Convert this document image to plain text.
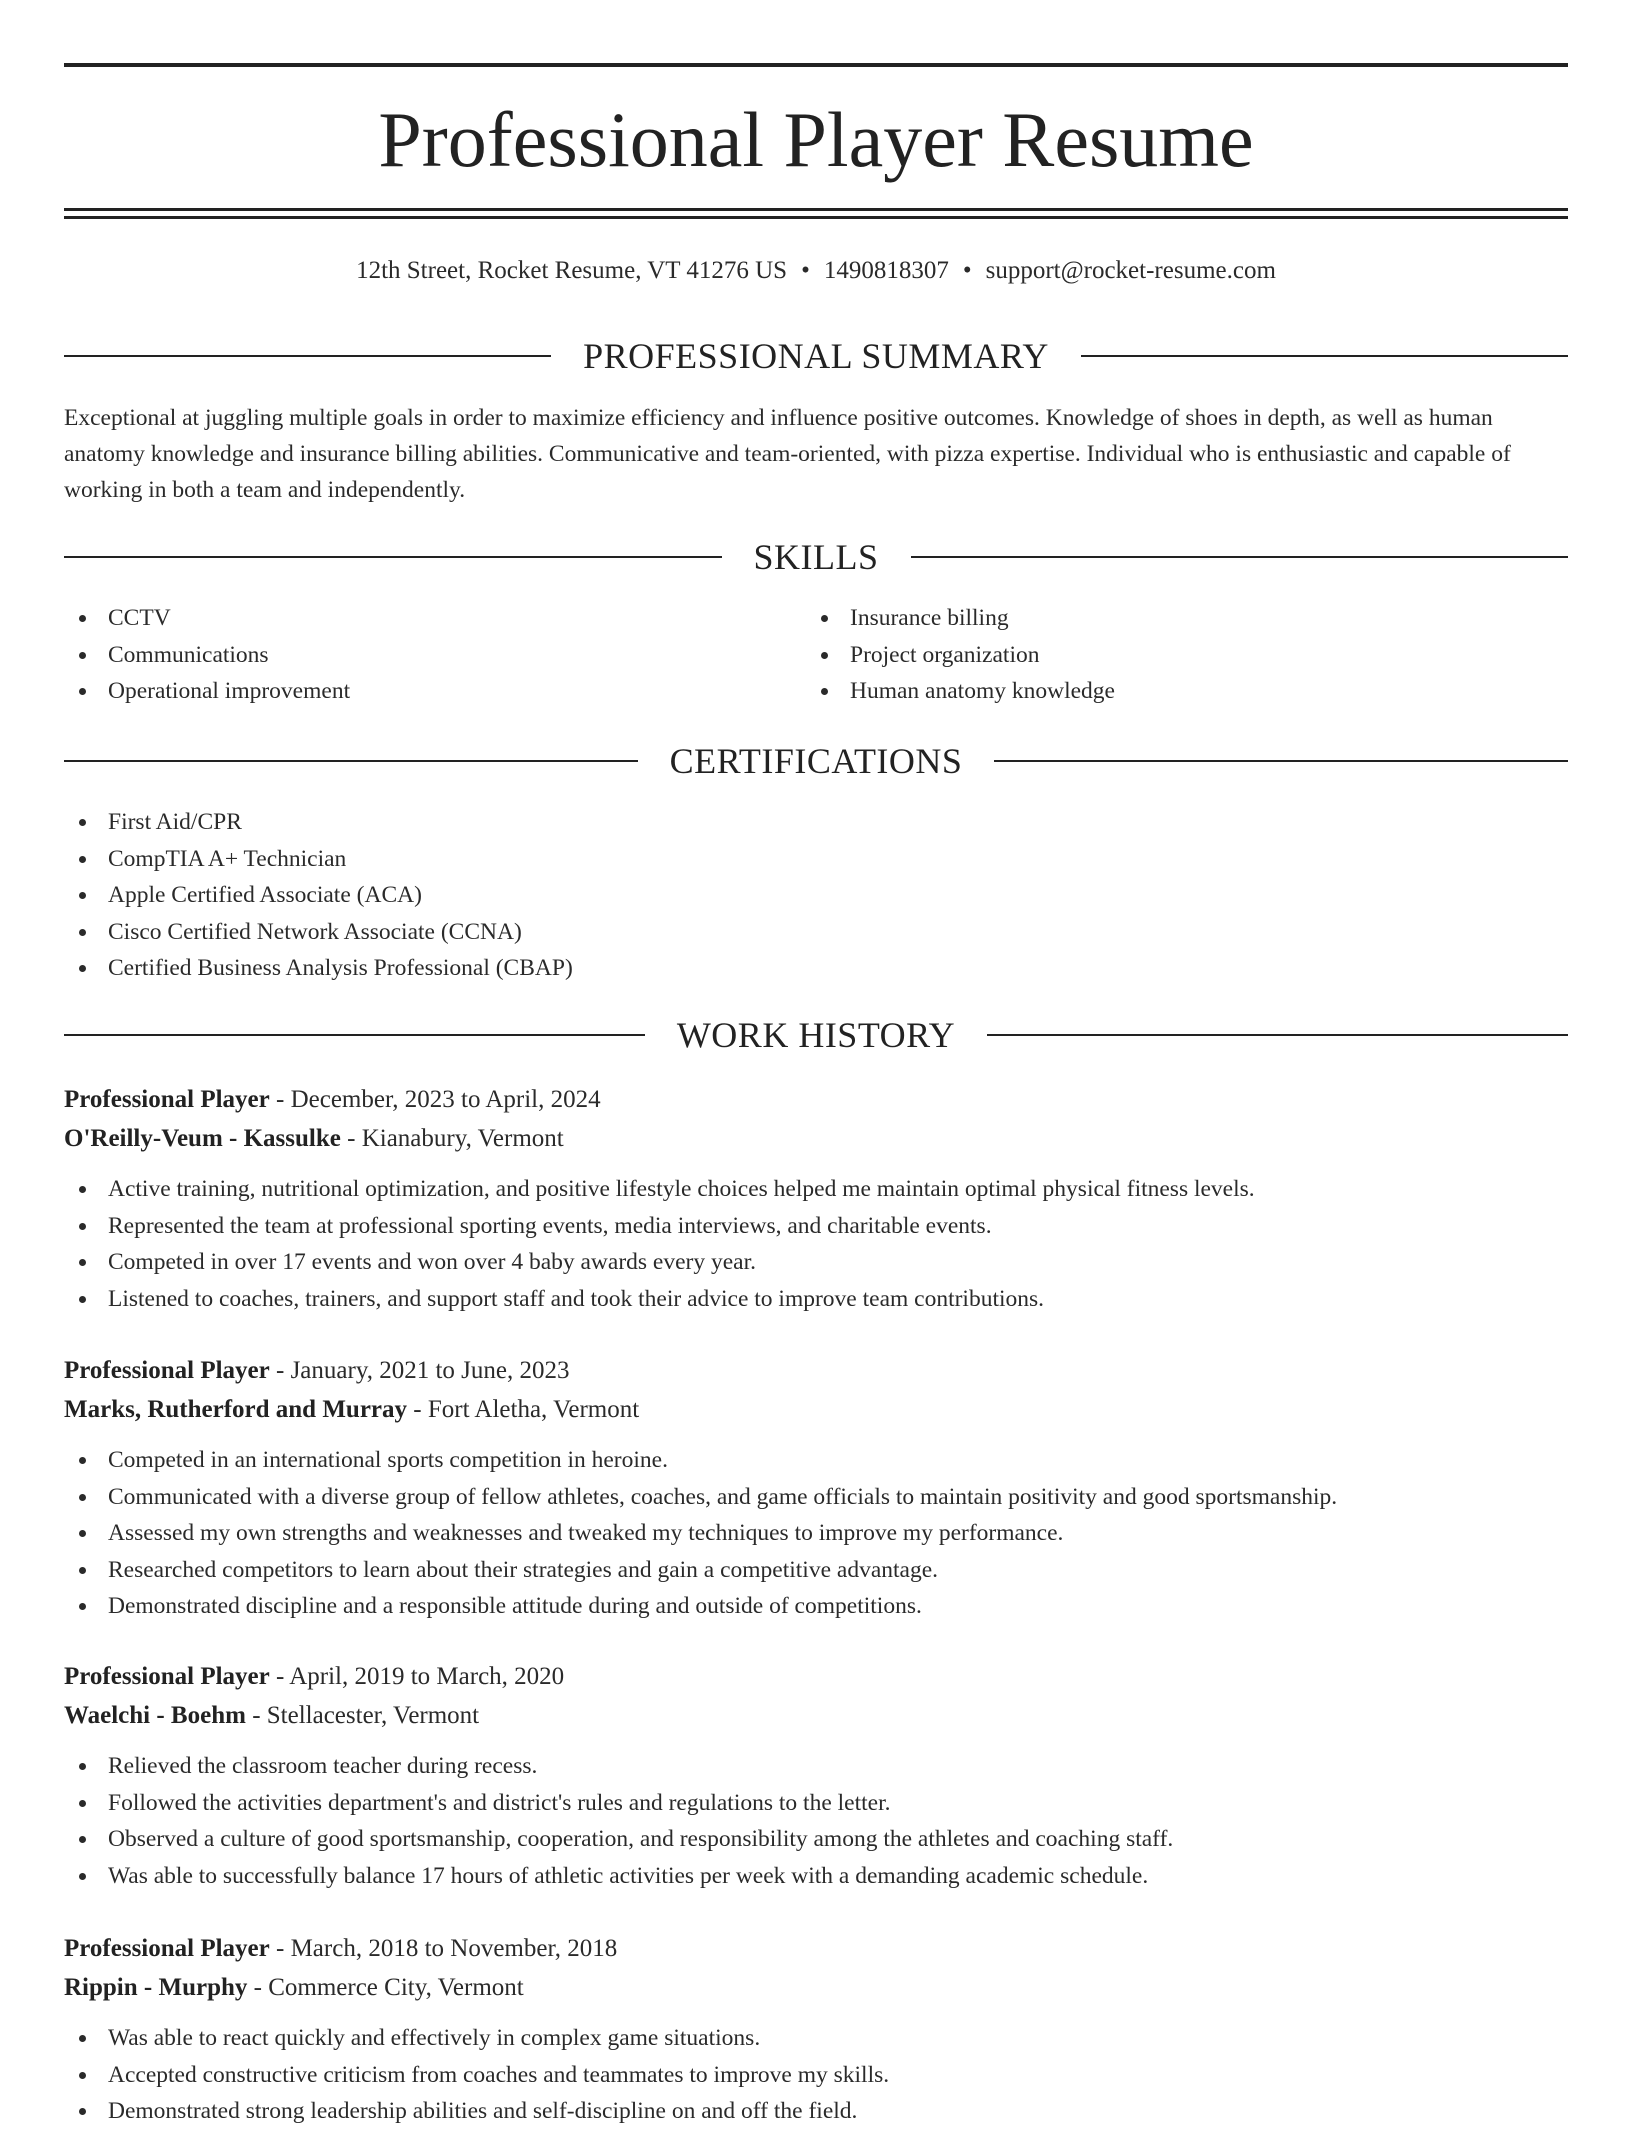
Professional Player Resume
12th Street, Rocket Resume, VT 41276 US • 1490818307 • support@rocket-resume.com
PROFESSIONAL SUMMARY

Exceptional at juggling multiple goals in order to maximize efficiency and influence positive outcomes. Knowledge of shoes in depth, as well as human anatomy knowledge and insurance billing abilities. Communicative and team-oriented, with pizza expertise. Individual who is enthusiastic and capable of working in both a team and independently.

SKILLS
CCTV
Communications
Operational improvement
Insurance billing
Project organization
Human anatomy knowledge
CERTIFICATIONS
First Aid/CPR
CompTIA A+ Technician
Apple Certified Associate (ACA)
Cisco Certified Network Associate (CCNA)
Certified Business Analysis Professional (CBAP)
WORK HISTORY
Professional Player - December, 2023 to April, 2024
O'Reilly-Veum - Kassulke - Kianabury, Vermont
Active training, nutritional optimization, and positive lifestyle choices helped me maintain optimal physical fitness levels.
Represented the team at professional sporting events, media interviews, and charitable events.
Competed in over 17 events and won over 4 baby awards every year.
Listened to coaches, trainers, and support staff and took their advice to improve team contributions.
Professional Player - January, 2021 to June, 2023
Marks, Rutherford and Murray - Fort Aletha, Vermont
Competed in an international sports competition in heroine.
Communicated with a diverse group of fellow athletes, coaches, and game officials to maintain positivity and good sportsmanship.
Assessed my own strengths and weaknesses and tweaked my techniques to improve my performance.
Researched competitors to learn about their strategies and gain a competitive advantage.
Demonstrated discipline and a responsible attitude during and outside of competitions.
Professional Player - April, 2019 to March, 2020
Waelchi - Boehm - Stellacester, Vermont
Relieved the classroom teacher during recess.
Followed the activities department's and district's rules and regulations to the letter.
Observed a culture of good sportsmanship, cooperation, and responsibility among the athletes and coaching staff.
Was able to successfully balance 17 hours of athletic activities per week with a demanding academic schedule.
Professional Player - March, 2018 to November, 2018
Rippin - Murphy - Commerce City, Vermont
Was able to react quickly and effectively in complex game situations.
Accepted constructive criticism from coaches and teammates to improve my skills.
Demonstrated strong leadership abilities and self-discipline on and off the field.
